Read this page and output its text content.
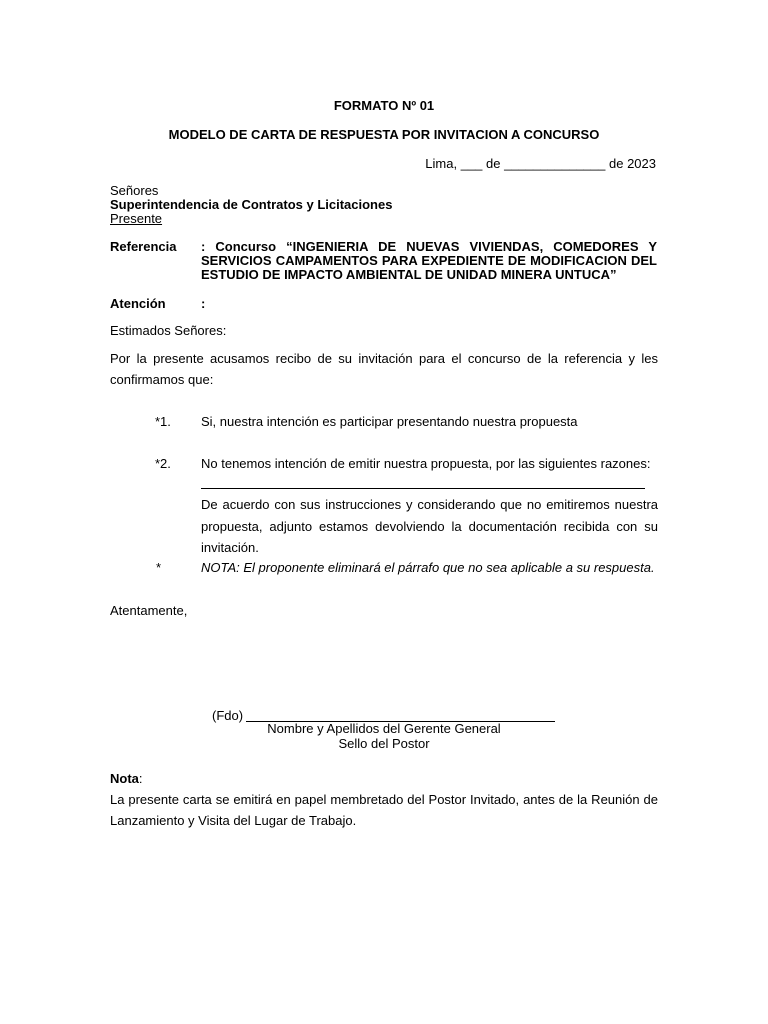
FORMATO Nº 01
MODELO DE CARTA DE RESPUESTA POR INVITACION A CONCURSO
Lima, ___ de ______________ de 2023
Señores
Superintendencia de Contratos y Licitaciones
Presente
Referencia : Concurso “INGENIERIA DE NUEVAS VIVIENDAS, COMEDORES Y
SERVICIOS CAMPAMENTOS PARA EXPEDIENTE DE MODIFICACION DEL
ESTUDIO DE IMPACTO AMBIENTAL DE UNIDAD MINERA UNTUCA”
Atención	:
Estimados Señores:
Por la presente acusamos recibo de su invitación para el concurso de la referencia y les
confirmamos que:
*1. Si, nuestra intención es participar presentando nuestra propuesta
*2. No tenemos intención de emitir nuestra propuesta, por las siguientes razones:
De acuerdo con sus instrucciones y considerando que no emitiremos nuestra
propuesta, adjunto estamos devolviendo la documentación recibida con su
invitación.
*	NOTA: El proponente eliminará el párrafo que no sea aplicable a su respuesta.
Atentamente,
(Fdo)
Nombre y Apellidos del Gerente General
Sello del Postor
Nota:
La presente carta se emitirá en papel membretado del Postor Invitado, antes de la Reunión de
Lanzamiento y Visita del Lugar de Trabajo.
